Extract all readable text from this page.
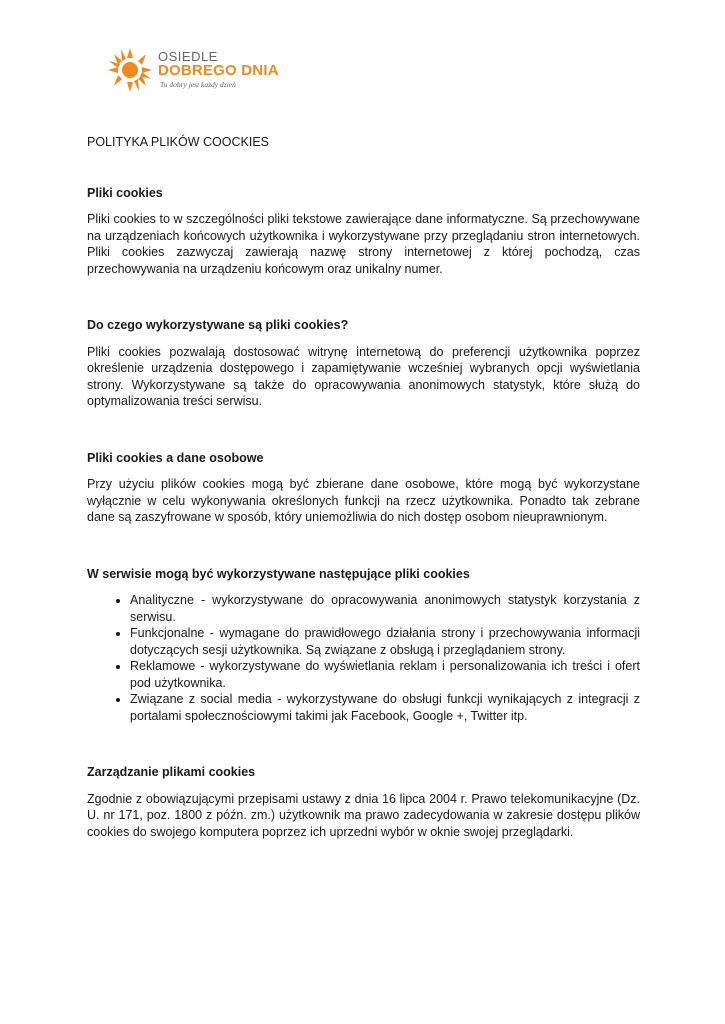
OSIEDLE
DOBREGO DNIA
Tu dobry jest każdy dzień
POLITYKA PLIKÓW COOCKIES
Pliki cookies

Pliki cookies to w szczególności pliki tekstowe zawierające dane informatyczne. Są przechowywane na urządzeniach końcowych użytkownika i wykorzystywane przy przeglądaniu stron internetowych. Pliki cookies zazwyczaj zawierają nazwę strony internetowej z której pochodzą, czas przechowywania na urządzeniu końcowym oraz unikalny numer.

Do czego wykorzystywane są pliki cookies?

Pliki cookies pozwalają dostosować witrynę internetową do preferencji użytkownika poprzez określenie urządzenia dostępowego i zapamiętywanie wcześniej wybranych opcji wyświetlania strony. Wykorzystywane są także do opracowywania anonimowych statystyk, które służą do optymalizowania treści serwisu.

Pliki cookies a dane osobowe

Przy użyciu plików cookies mogą być zbierane dane osobowe, które mogą być wykorzystane wyłącznie w celu wykonywania określonych funkcji na rzecz użytkownika. Ponadto tak zebrane dane są zaszyfrowane w sposób, który uniemożliwia do nich dostęp osobom nieuprawnionym.

W serwisie mogą być wykorzystywane następujące pliki cookies
• Analityczne - wykorzystywane do opracowywania anonimowych statystyk korzystania z serwisu.
• Funkcjonalne - wymagane do prawidłowego działania strony i przechowywania informacji dotyczących sesji użytkownika. Są związane z obsługą i przeglądaniem strony.
• Reklamowe - wykorzystywane do wyświetlania reklam i personalizowania ich treści i ofert pod użytkownika.
• Związane z social media - wykorzystywane do obsługi funkcji wynikających z integracji z portalami społecznościowymi takimi jak Facebook, Google +, Twitter itp.
Zarządzanie plikami cookies

Zgodnie z obowiązującymi przepisami ustawy z dnia 16 lipca 2004 r. Prawo telekomunikacyjne (Dz. U. nr 171, poz. 1800 z późn. zm.) użytkownik ma prawo zadecydowania w zakresie dostępu plików cookies do swojego komputera poprzez ich uprzedni wybór w oknie swojej przeglądarki.
